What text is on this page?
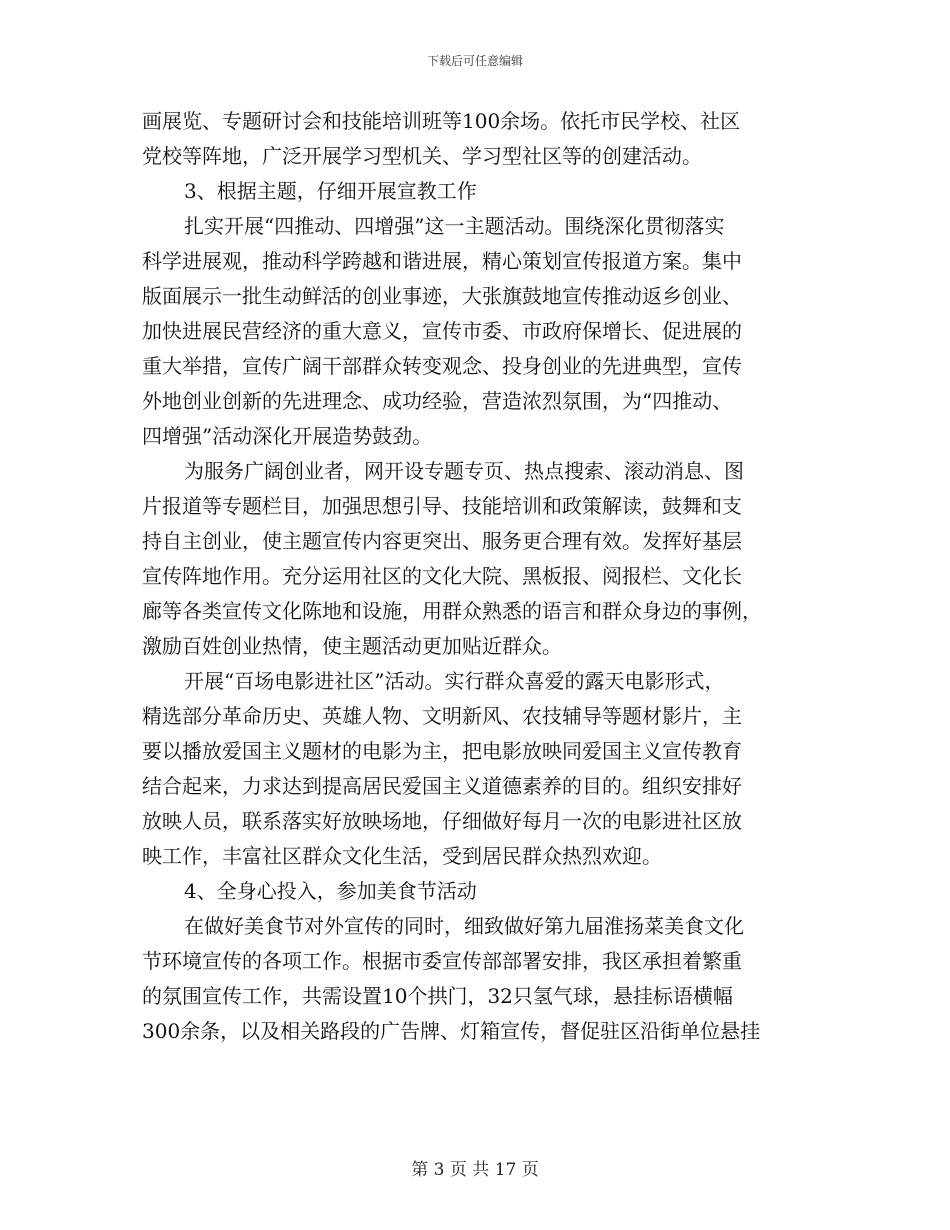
下载后可任意编辑
画展览、专题研讨会和技能培训班等100余场。依托市民学校、社区
党校等阵地，广泛开展学习型机关、学习型社区等的创建活动。
3、根据主题，仔细开展宣教工作
扎实开展“四推动、四增强”这一主题活动。围绕深化贯彻落实
科学进展观，推动科学跨越和谐进展，精心策划宣传报道方案。集中
版面展示一批生动鲜活的创业事迹，大张旗鼓地宣传推动返乡创业、
加快进展民营经济的重大意义，宣传市委、市政府保增长、促进展的
重大举措，宣传广阔干部群众转变观念、投身创业的先进典型，宣传
外地创业创新的先进理念、成功经验，营造浓烈氛围，为“四推动、
四增强”活动深化开展造势鼓劲。
为服务广阔创业者，网开设专题专页、热点搜索、滚动消息、图
片报道等专题栏目，加强思想引导、技能培训和政策解读，鼓舞和支
持自主创业，使主题宣传内容更突出、服务更合理有效。发挥好基层
宣传阵地作用。充分运用社区的文化大院、黑板报、阅报栏、文化长
廊等各类宣传文化陈地和设施，用群众熟悉的语言和群众身边的事例，
激励百姓创业热情，使主题活动更加贴近群众。
开展“百场电影进社区”活动。实行群众喜爱的露天电影形式，
精选部分革命历史、英雄人物、文明新风、农技辅导等题材影片，主
要以播放爱国主义题材的电影为主，把电影放映同爱国主义宣传教育
结合起来，力求达到提高居民爱国主义道德素养的目的。组织安排好
放映人员，联系落实好放映场地，仔细做好每月一次的电影进社区放
映工作，丰富社区群众文化生活，受到居民群众热烈欢迎。
4、全身心投入，参加美食节活动
在做好美食节对外宣传的同时，细致做好第九届淮扬菜美食文化
节环境宣传的各项工作。根据市委宣传部部署安排，我区承担着繁重
的氛围宣传工作，共需设置10个拱门，32只氢气球，悬挂标语横幅
300余条，以及相关路段的广告牌、灯箱宣传，督促驻区沿街单位悬挂
第 3 页 共 17 页
